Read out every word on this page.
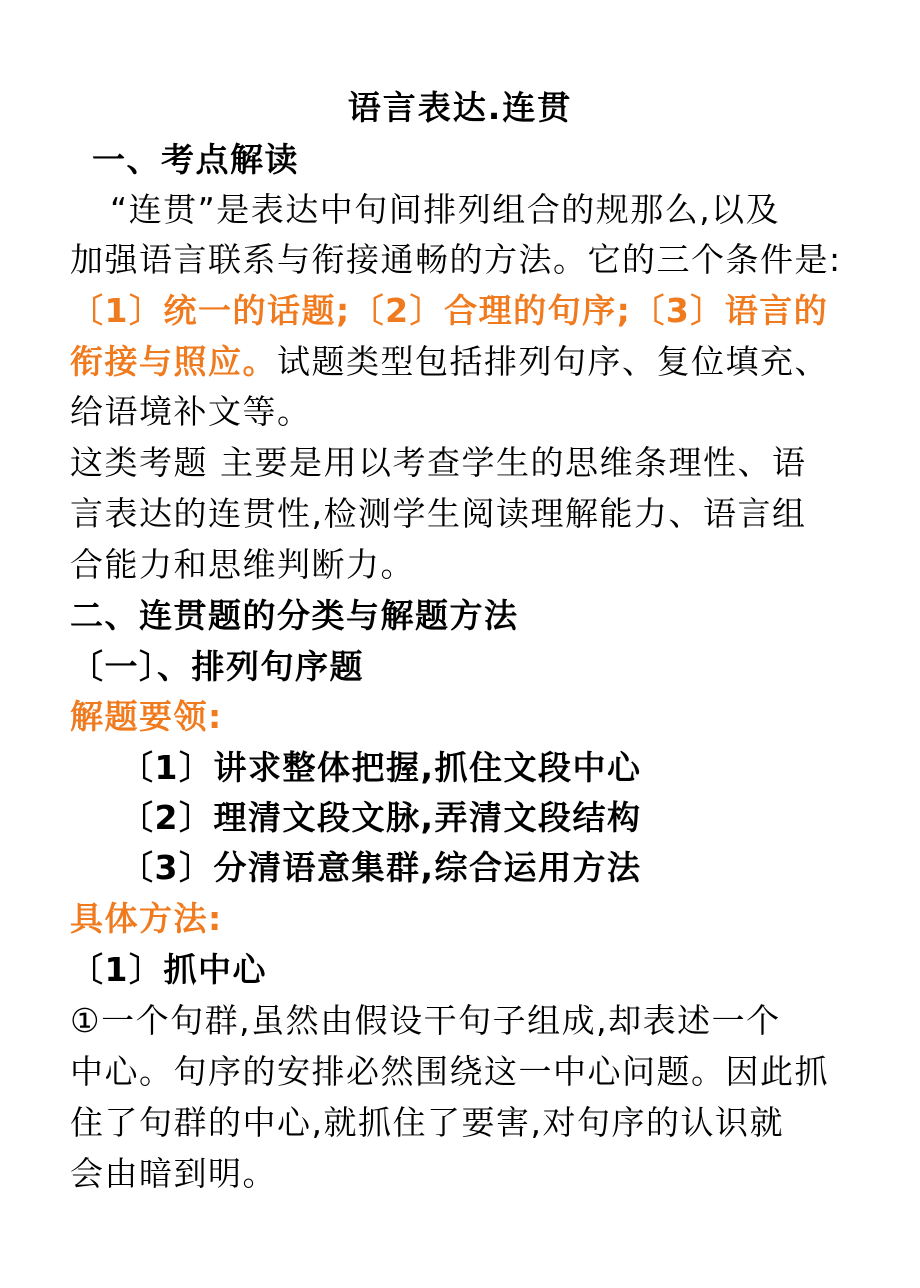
语言表达.连贯
一、考点解读
“连贯”是表达中句间排列组合的规那么,以及
加强语言联系与衔接通畅的方法。它的三个条件是:
〔1〕统一的话题;〔2〕合理的句序;〔3〕语言的
衔接与照应。试题类型包括排列句序、复位填充、
给语境补文等。
这类考题 主要是用以考查学生的思维条理性、语
言表达的连贯性,检测学生阅读理解能力、语言组
合能力和思维判断力。
二、连贯题的分类与解题方法
〔一〕、排列句序题
解题要领:
〔1〕讲求整体把握,抓住文段中心
〔2〕理清文段文脉,弄清文段结构
〔3〕分清语意集群,综合运用方法
具体方法:
〔1〕抓中心
①一个句群,虽然由假设干句子组成,却表述一个
中心。句序的安排必然围绕这一中心问题。因此抓
住了句群的中心,就抓住了要害,对句序的认识就
会由暗到明。
